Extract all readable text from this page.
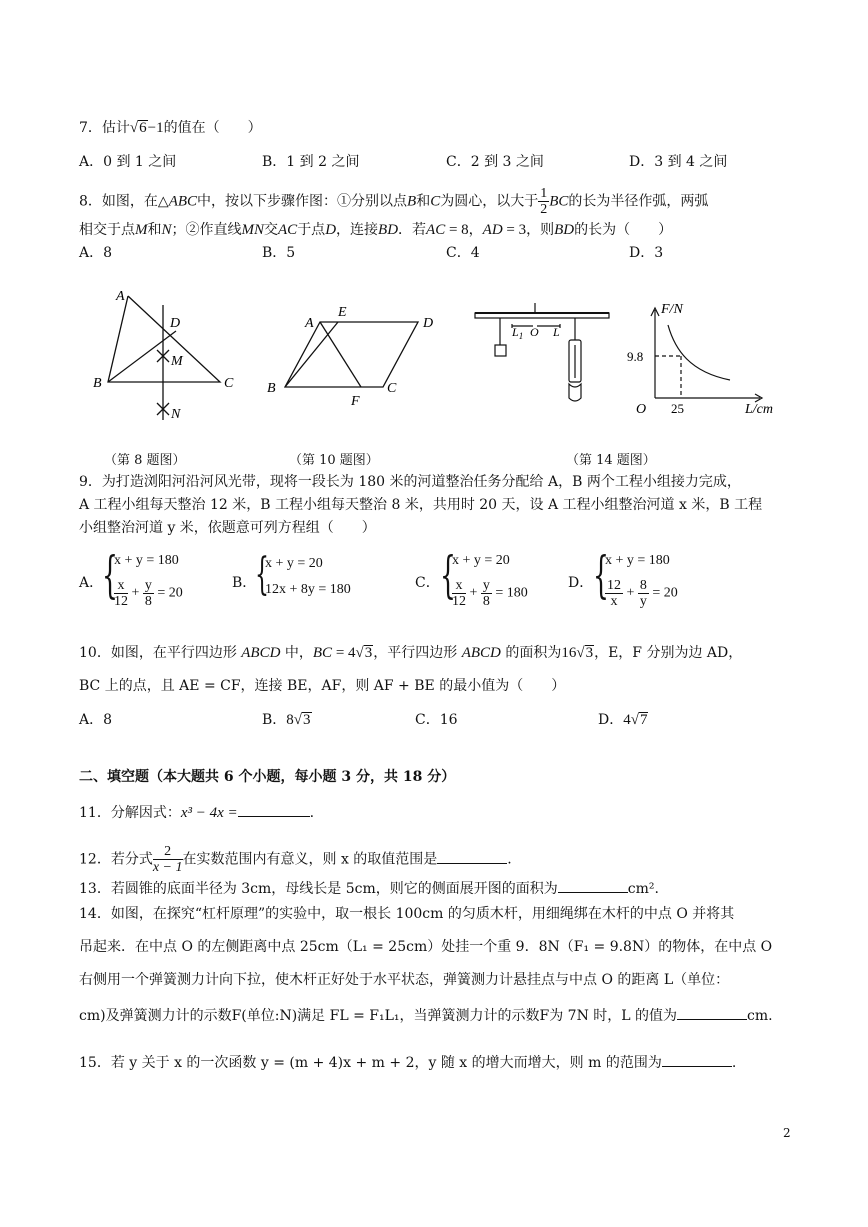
7．估计√6−1的值在（　　 ）
A．0 到 1 之间	B．1 到 2 之间	C．2 到 3 之间	D．3 到 4 之间
8．如图，在△ABC中，按以下步骤作图：①分别以点B和C为圆心，以大于 $\frac{1}{2}$ BC的长为半径作弧，两弧
相交于点M和N；②作直线MN交AC于点D，连接BD．若AC = 8，AD = 3，则BD的长为（　　）
A．8	B．5	C．4	D．3
A
B	C
D
M
N
A
E
D
B	C
F
$L_1$ O L
F/N
L/cm
O
9.8
25
（第 8 题图）	（第 10 题图）	（第 14 题图）
9．为打造浏阳河沿河风光带，现将一段长为 180 米的河道整治任务分配给 A，B 两个工程小组接力完成，
A 工程小组每天整治 12 米，B 工程小组每天整治 8 米，共用时 20 天，设 A 工程小组整治河道 x 米，B 工程
小组整治河道 y 米，依题意可列方程组（　　）
A．
{
x + y = 180
$\frac{x}{12} + \frac{y}{8} = 20$
B．
{
x + y = 20
12x + 8y = 180	C． {
x + y = 20
$\frac{x}{12} + \frac{y}{8} = 180$
D． {
x + y = 180
$\frac{12}{x} + \frac{8}{y} = 20$
10．如图，在平行四边形 ABCD 中，BC = 4√3，平行四边形 ABCD 的面积为16√3，E，F 分别为边 AD，
BC 上的点，且 AE = CF，连接 BE，AF，则 AF + BE 的最小值为（　　）
A．8	B．8√3	C．16	D．4√7
二、填空题（本大题共 6 个小题，每小题 3 分，共 18 分）
11．分解因式：x³ − 4x =	.
12．若分式 $\frac{2}{x - 1}$ 在实数范围内有意义，则 x 的取值范围是	.
13．若圆锥的底面半径为 3cm，母线长是 5cm，则它的侧面展开图的面积为	cm².
14．如图，在探究“杠杆原理”的实验中，取一根长 100cm 的匀质木杆，用细绳绑在木杆的中点 O 并将其
吊起来．在中点 O 的左侧距离中点 25cm（L₁ = 25cm）处挂一个重 9．8N（F₁ = 9.8N）的物体，在中点 O
右侧用一个弹簧测力计向下拉，使木杆正好处于水平状态，弹簧测力计悬挂点与中点 O 的距离 L（单位：
cm)及弹簧测力计的示数F(单位:N)满足 FL = F₁L₁，当弹簧测力计的示数F为 7N 时，L 的值为	cm.
15．若 y 关于 x 的一次函数 y = (m + 4)x + m + 2，y 随 x 的增大而增大，则 m 的范围为	.
2
